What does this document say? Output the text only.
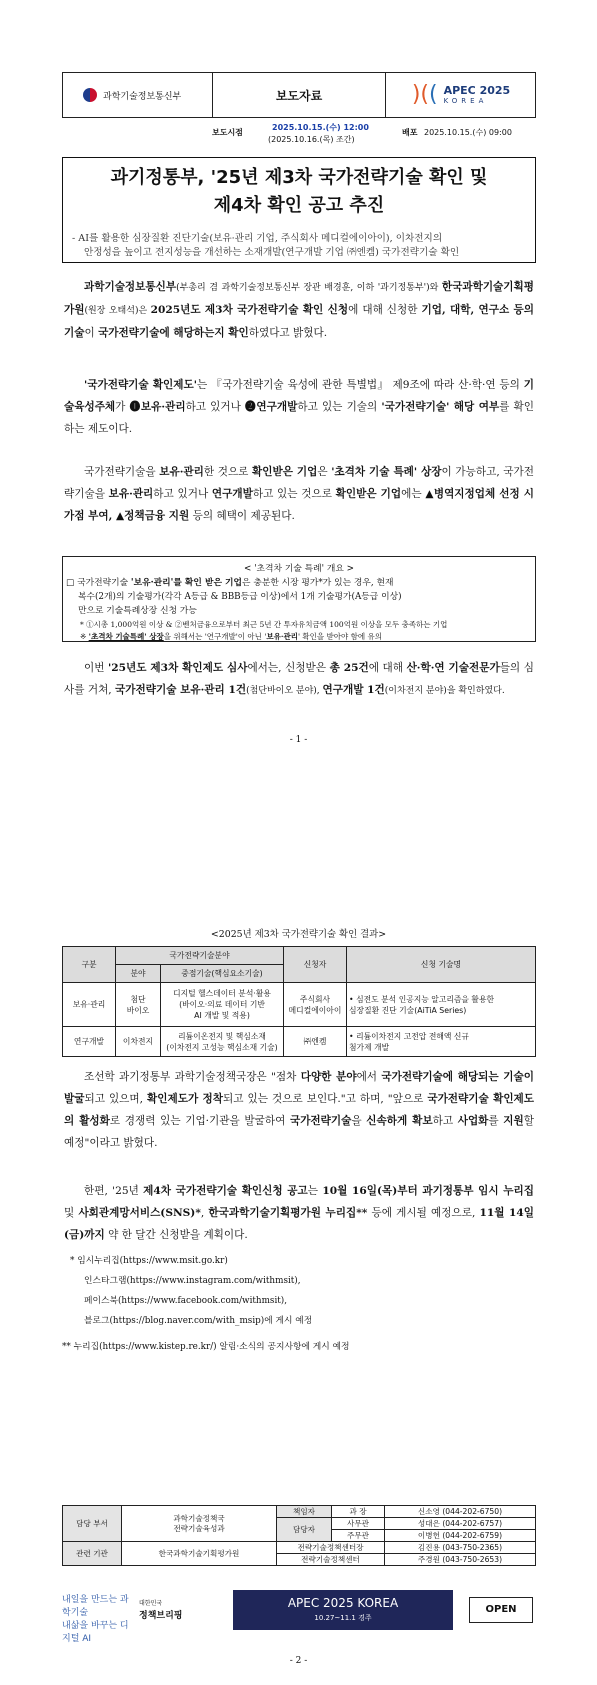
과학기술정보통신부	보도자료	)(( APEC 2025
KOREA
보도시점
2025.10.15.(수) 12:00
(2025.10.16.(목) 조간)
배포 2025.10.15.(수) 09:00
과기정통부, '25년 제3차 국가전략기술 확인 및
제4차 확인 공고 추진
- AI를 활용한 심장질환 진단기술(보유·관리 기업, 주식회사 메디컬에이아이), 이차전지의
안정성을 높이고 전지성능을 개선하는 소재개발(연구개발 기업 ㈜엔켐) 국가전략기술 확인
과학기술정보통신부(부총리 겸 과학기술정보통신부 장관 배경훈, 이하 '과기정통부')와 한국과학기술기획평가원(원장 오태석)은 2025년도 제3차 국가전략기술 확인 신청에 대해 신청한 기업, 대학, 연구소 등의 기술이 국가전략기술에 해당하는지 확인하였다고 밝혔다.
'국가전략기술 확인제도'는 『국가전략기술 육성에 관한 특별법』 제9조에 따라 산·학·연 등의 기술육성주체가 ❶보유·관리하고 있거나 ❷연구개발하고 있는 기술의 '국가전략기술' 해당 여부를 확인하는 제도이다.
국가전략기술을 보유·관리한 것으로 확인받은 기업은 '초격차 기술 특례' 상장이 가능하고, 국가전략기술을 보유·관리하고 있거나 연구개발하고 있는 것으로 확인받은 기업에는 ▲병역지정업체 선정 시 가점 부여, ▲정책금융 지원 등의 혜택이 제공된다.
< '초격차 기술 특례' 개요 >
□ 국가전략기술 '보유·관리'를 확인 받은 기업은 충분한 시장 평가*가 있는 경우, 현재
복수(2개)의 기술평가(각각 A등급 & BBB등급 이상)에서 1개 기술평가(A등급 이상)
만으로 기술특례상장 신청 가능
* ①시총 1,000억원 이상 & ②벤처금융으로부터 최근 5년 간 투자유치금액 100억원 이상을 모두 충족하는 기업
※ '초격차 기술특례' 상장을 위해서는 '연구개발'이 아닌 '보유·관리' 확인을 받아야 함에 유의
이번 '25년도 제3차 확인제도 심사에서는, 신청받은 총 25건에 대해 산·학·연 기술전문가들의 심사를 거쳐, 국가전략기술 보유·관리 1건(첨단바이오 분야), 연구개발 1건(이차전지 분야)을 확인하였다.
- 1 -
<2025년 제3차 국가전략기술 확인 결과>
구분	국가전략기술분야		신청자	신청 기술명
	분야	중점기술(핵심요소기술)		
보유·관리	첨단
바이오	디지털 헬스데이터 분석·활용
(바이오·의료 데이터 기반
AI 개발 및 적용)	주식회사
메디컬에이아이	• 심전도 분석 인공지능 알고리즘을 활용한
심장질환 진단 기술(AiTiA Series)
연구개발	이차전지	리튬이온전지 및 핵심소재
(이차전지 고성능 핵심소재 기술)	㈜엔켐	• 리튬이차전지 고전압 전해액 신규
첨가제 개발
조선학 과기정통부 과학기술정책국장은 "점차 다양한 분야에서 국가전략기술에 해당되는 기술이 발굴되고 있으며, 확인제도가 정착되고 있는 것으로 보인다."고 하며, "앞으로 국가전략기술 확인제도의 활성화로 경쟁력 있는 기업·기관을 발굴하여 국가전략기술을 신속하게 확보하고 사업화를 지원할 예정"이라고 밝혔다.
한편, '25년 제4차 국가전략기술 확인신청 공고는 10월 16일(목)부터 과기정통부 임시 누리집 및 사회관계망서비스(SNS)*, 한국과학기술기획평가원 누리집** 등에 게시될 예정으로, 11월 14일(금)까지 약 한 달간 신청받을 계획이다.
* 임시누리집(https://www.msit.go.kr)
인스타그램(https://www.instagram.com/withmsit),
페이스북(https://www.facebook.com/withmsit),
블로그(https://blog.naver.com/with_msip)에 게시 예정
** 누리집(https://www.kistep.re.kr/) 알림·소식의 공지사항에 게시 예정
담당 부서	과학기술정책국
전략기술육성과	책임자	과 장	신소영 (044-202-6750)
		담당자	사무관	성대은 (044-202-6757)
			주무관	이병헌 (044-202-6759)
관련 기관	한국과학기술기획평가원	전략기술정책센터장		김진용 (043-750-2365)
		전략기술정책센터		주경원 (043-750-2653)
내일을 만드는 과학기술
내삶을 바꾸는 디지털 AI
대한민국
정책브리핑
APEC 2025 KOREA
10.27~11.1 경주
OPEN
- 2 -
